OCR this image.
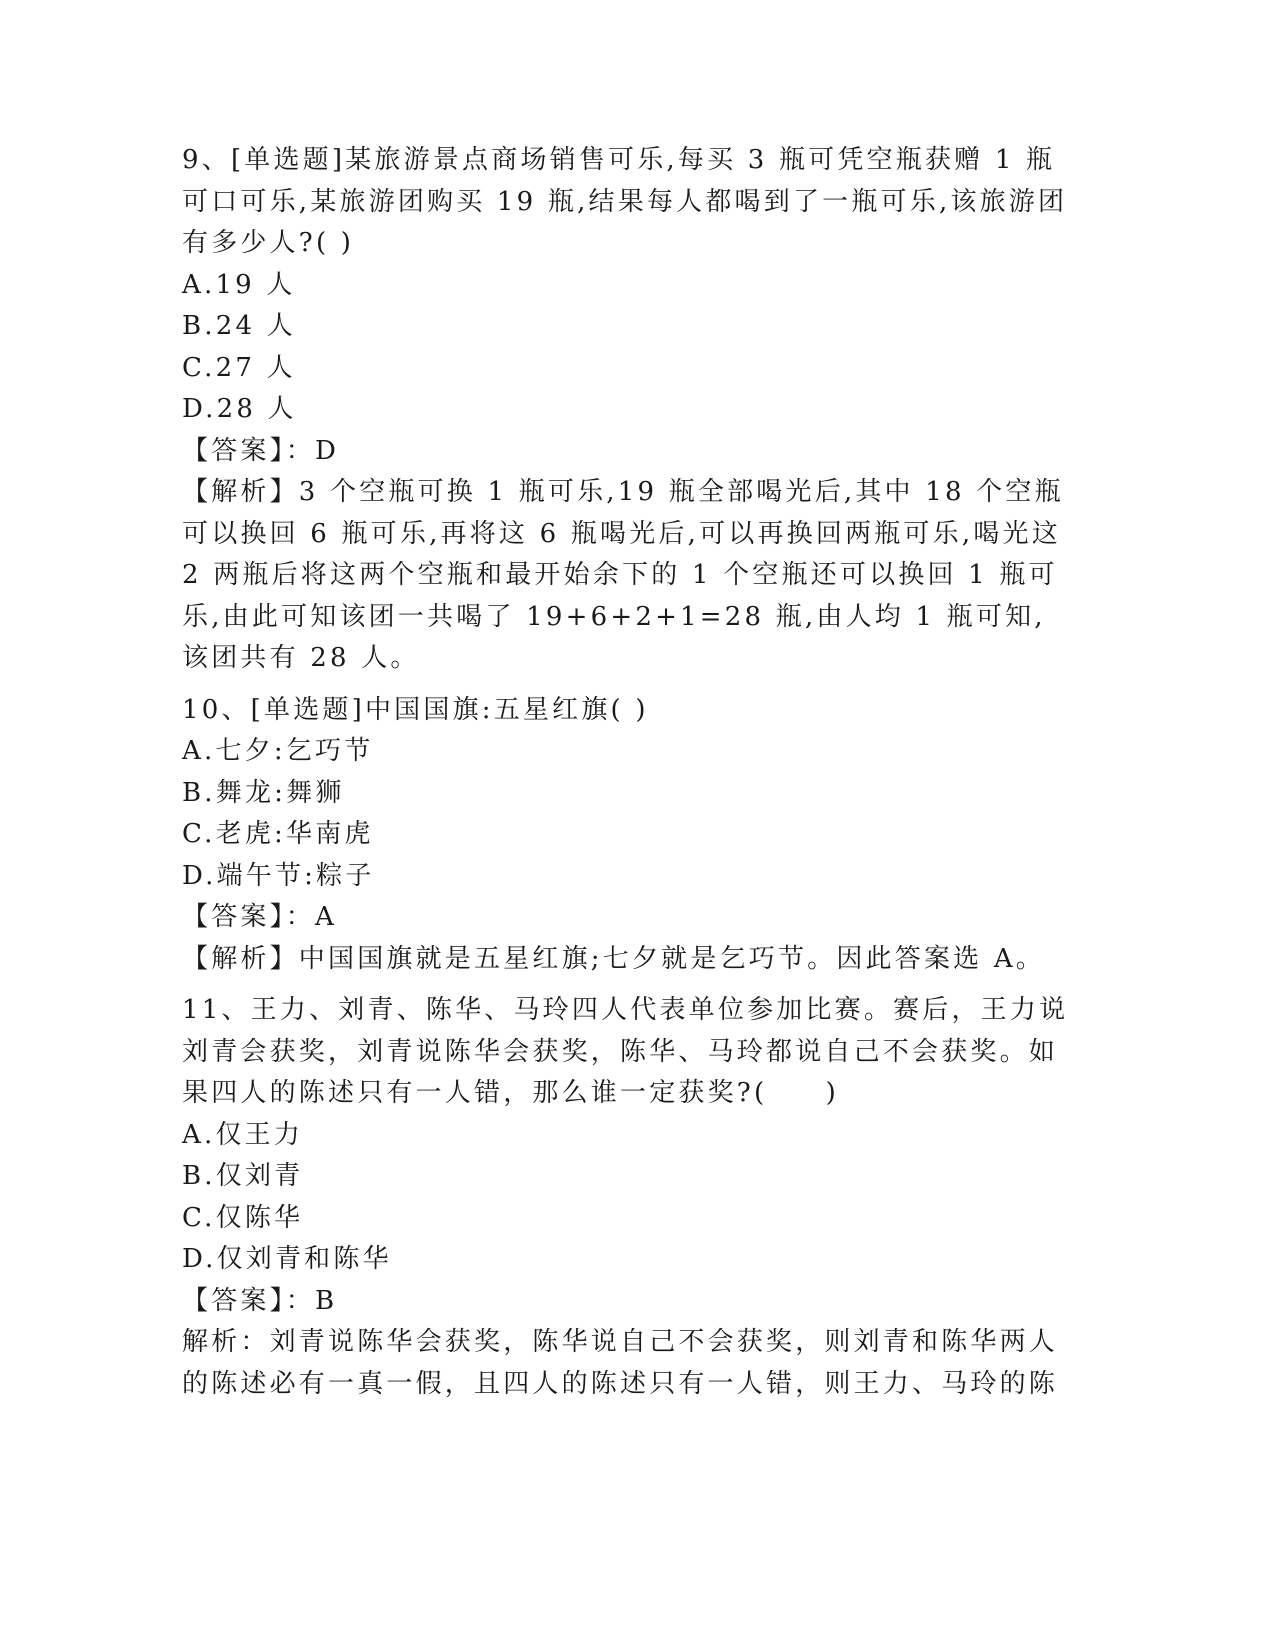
9、[单选题]某旅游景点商场销售可乐,每买 3 瓶可凭空瓶获赠 1 瓶可口可乐,某旅游团购买 19 瓶,结果每人都喝到了一瓶可乐,该旅游团有多少人?( )
A.19 人
B.24 人
C.27 人
D.28 人
【答案】：D
【解析】3 个空瓶可换 1 瓶可乐,19 瓶全部喝光后,其中 18 个空瓶可以换回 6 瓶可乐,再将这 6 瓶喝光后,可以再换回两瓶可乐,喝光这 2 两瓶后将这两个空瓶和最开始余下的 1 个空瓶还可以换回 1 瓶可乐,由此可知该团一共喝了 19+6+2+1=28 瓶,由人均 1 瓶可知,该团共有 28 人。
10、[单选题]中国国旗:五星红旗( )
A.七夕:乞巧节
B.舞龙:舞狮
C.老虎:华南虎
D.端午节:粽子
【答案】：A
【解析】中国国旗就是五星红旗;七夕就是乞巧节。因此答案选 A。
11、王力、刘青、陈华、马玲四人代表单位参加比赛。赛后，王力说刘青会获奖，刘青说陈华会获奖，陈华、马玲都说自己不会获奖。如果四人的陈述只有一人错，那么谁一定获奖?(　　)
A.仅王力
B.仅刘青
C.仅陈华
D.仅刘青和陈华
【答案】：B
解析：刘青说陈华会获奖，陈华说自己不会获奖，则刘青和陈华两人的陈述必有一真一假，且四人的陈述只有一人错，则王力、马玲的陈
